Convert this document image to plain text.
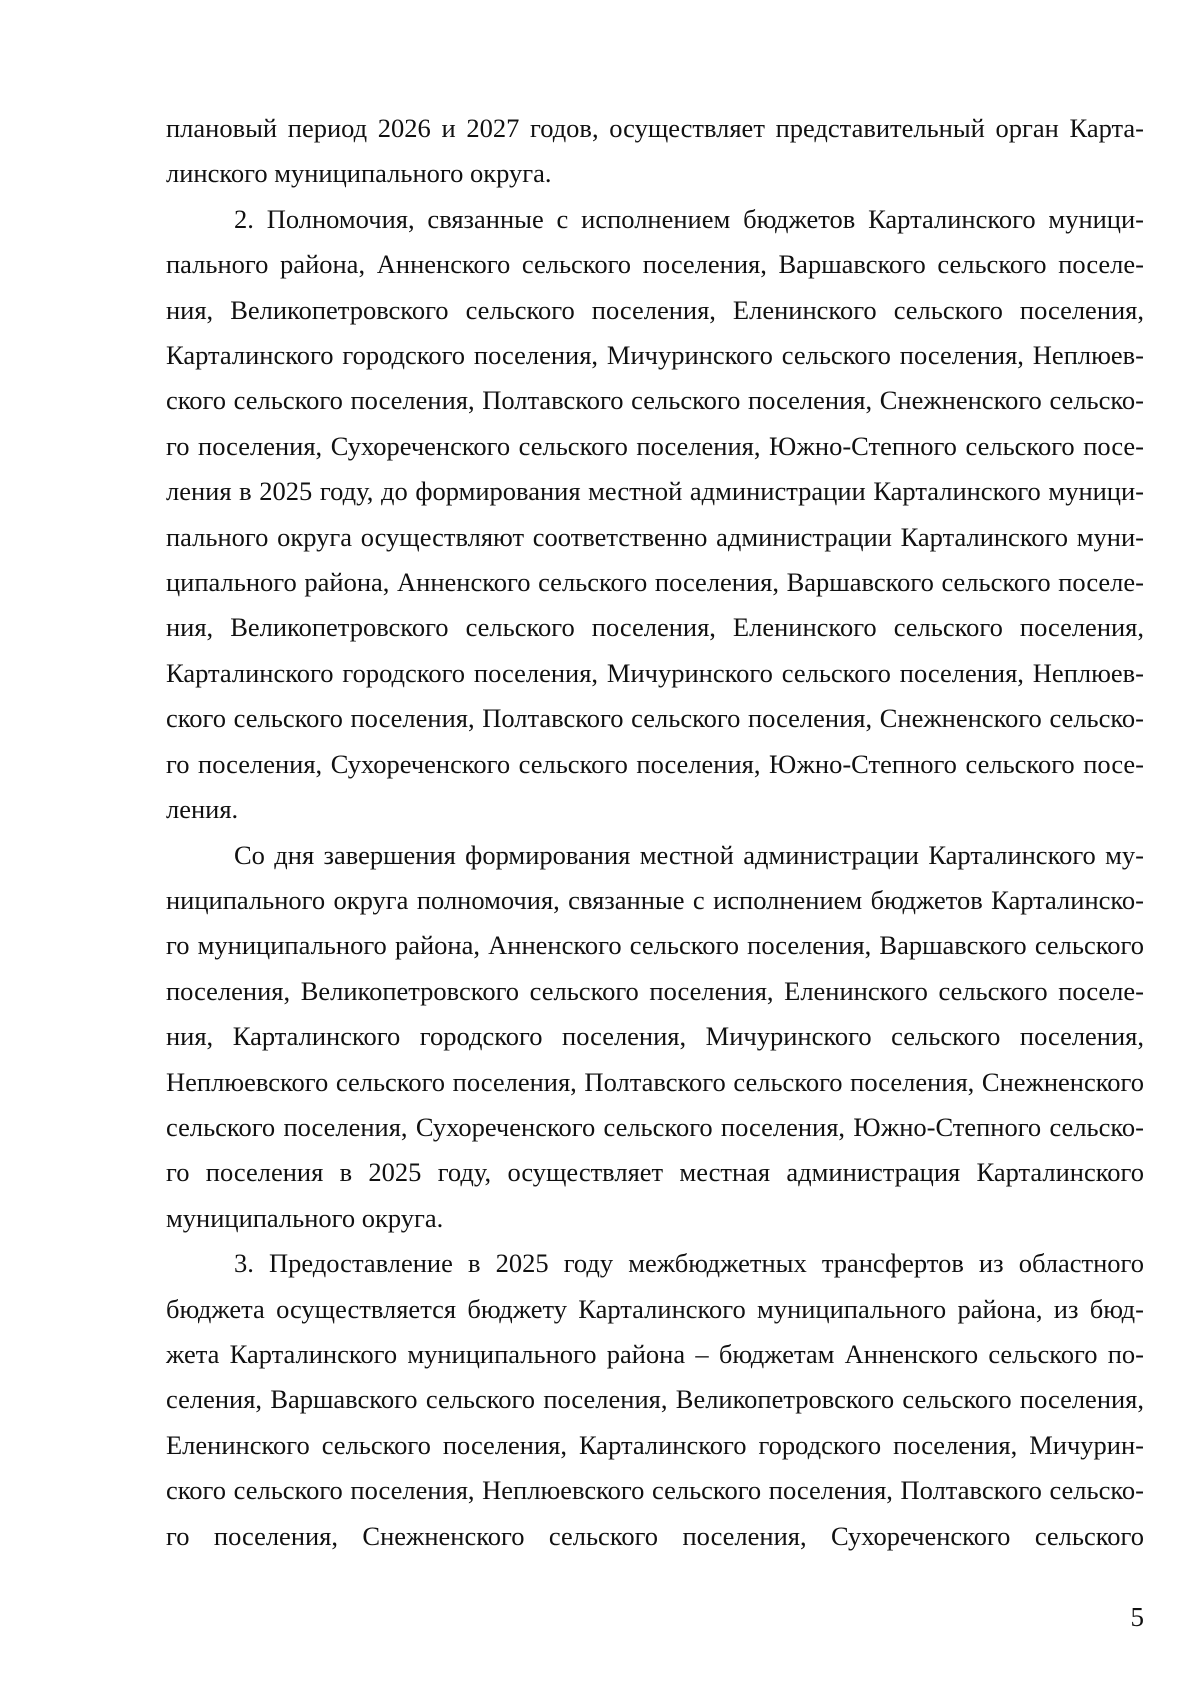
плановый период 2026 и 2027 годов, осуществляет представительный орган Карта-

линского муниципального округа.

2. Полномочия, связанные с исполнением бюджетов Карталинского муници-

пального района, Анненского сельского поселения, Варшавского сельского поселе-

ния, Великопетровского сельского поселения, Еленинского сельского поселения,

Карталинского городского поселения, Мичуринского сельского поселения, Неплюев-

ского сельского поселения, Полтавского сельского поселения, Снежненского сельско-

го поселения, Сухореченского сельского поселения, Южно-Степного сельского посе-

ления в 2025 году, до формирования местной администрации Карталинского муници-

пального округа осуществляют соответственно администрации Карталинского муни-

ципального района, Анненского сельского поселения, Варшавского сельского поселе-

ния, Великопетровского сельского поселения, Еленинского сельского поселения,

Карталинского городского поселения, Мичуринского сельского поселения, Неплюев-

ского сельского поселения, Полтавского сельского поселения, Снежненского сельско-

го поселения, Сухореченского сельского поселения, Южно-Степного сельского посе-

ления.

Со дня завершения формирования местной администрации Карталинского му-

ниципального округа полномочия, связанные с исполнением бюджетов Карталинско-

го муниципального района, Анненского сельского поселения, Варшавского сельского

поселения, Великопетровского сельского поселения, Еленинского сельского поселе-

ния, Карталинского городского поселения, Мичуринского сельского поселения,

Неплюевского сельского поселения, Полтавского сельского поселения, Снежненского

сельского поселения, Сухореченского сельского поселения, Южно-Степного сельско-

го поселения в 2025 году, осуществляет местная администрация Карталинского

муниципального округа.

3. Предоставление в 2025 году межбюджетных трансфертов из областного

бюджета осуществляется бюджету Карталинского муниципального района, из бюд-

жета Карталинского муниципального района – бюджетам Анненского сельского по-

селения, Варшавского сельского поселения, Великопетровского сельского поселения,

Еленинского сельского поселения, Карталинского городского поселения, Мичурин-

ского сельского поселения, Неплюевского сельского поселения, Полтавского сельско-

го поселения, Снежненского сельского поселения, Сухореченского сельского

5
